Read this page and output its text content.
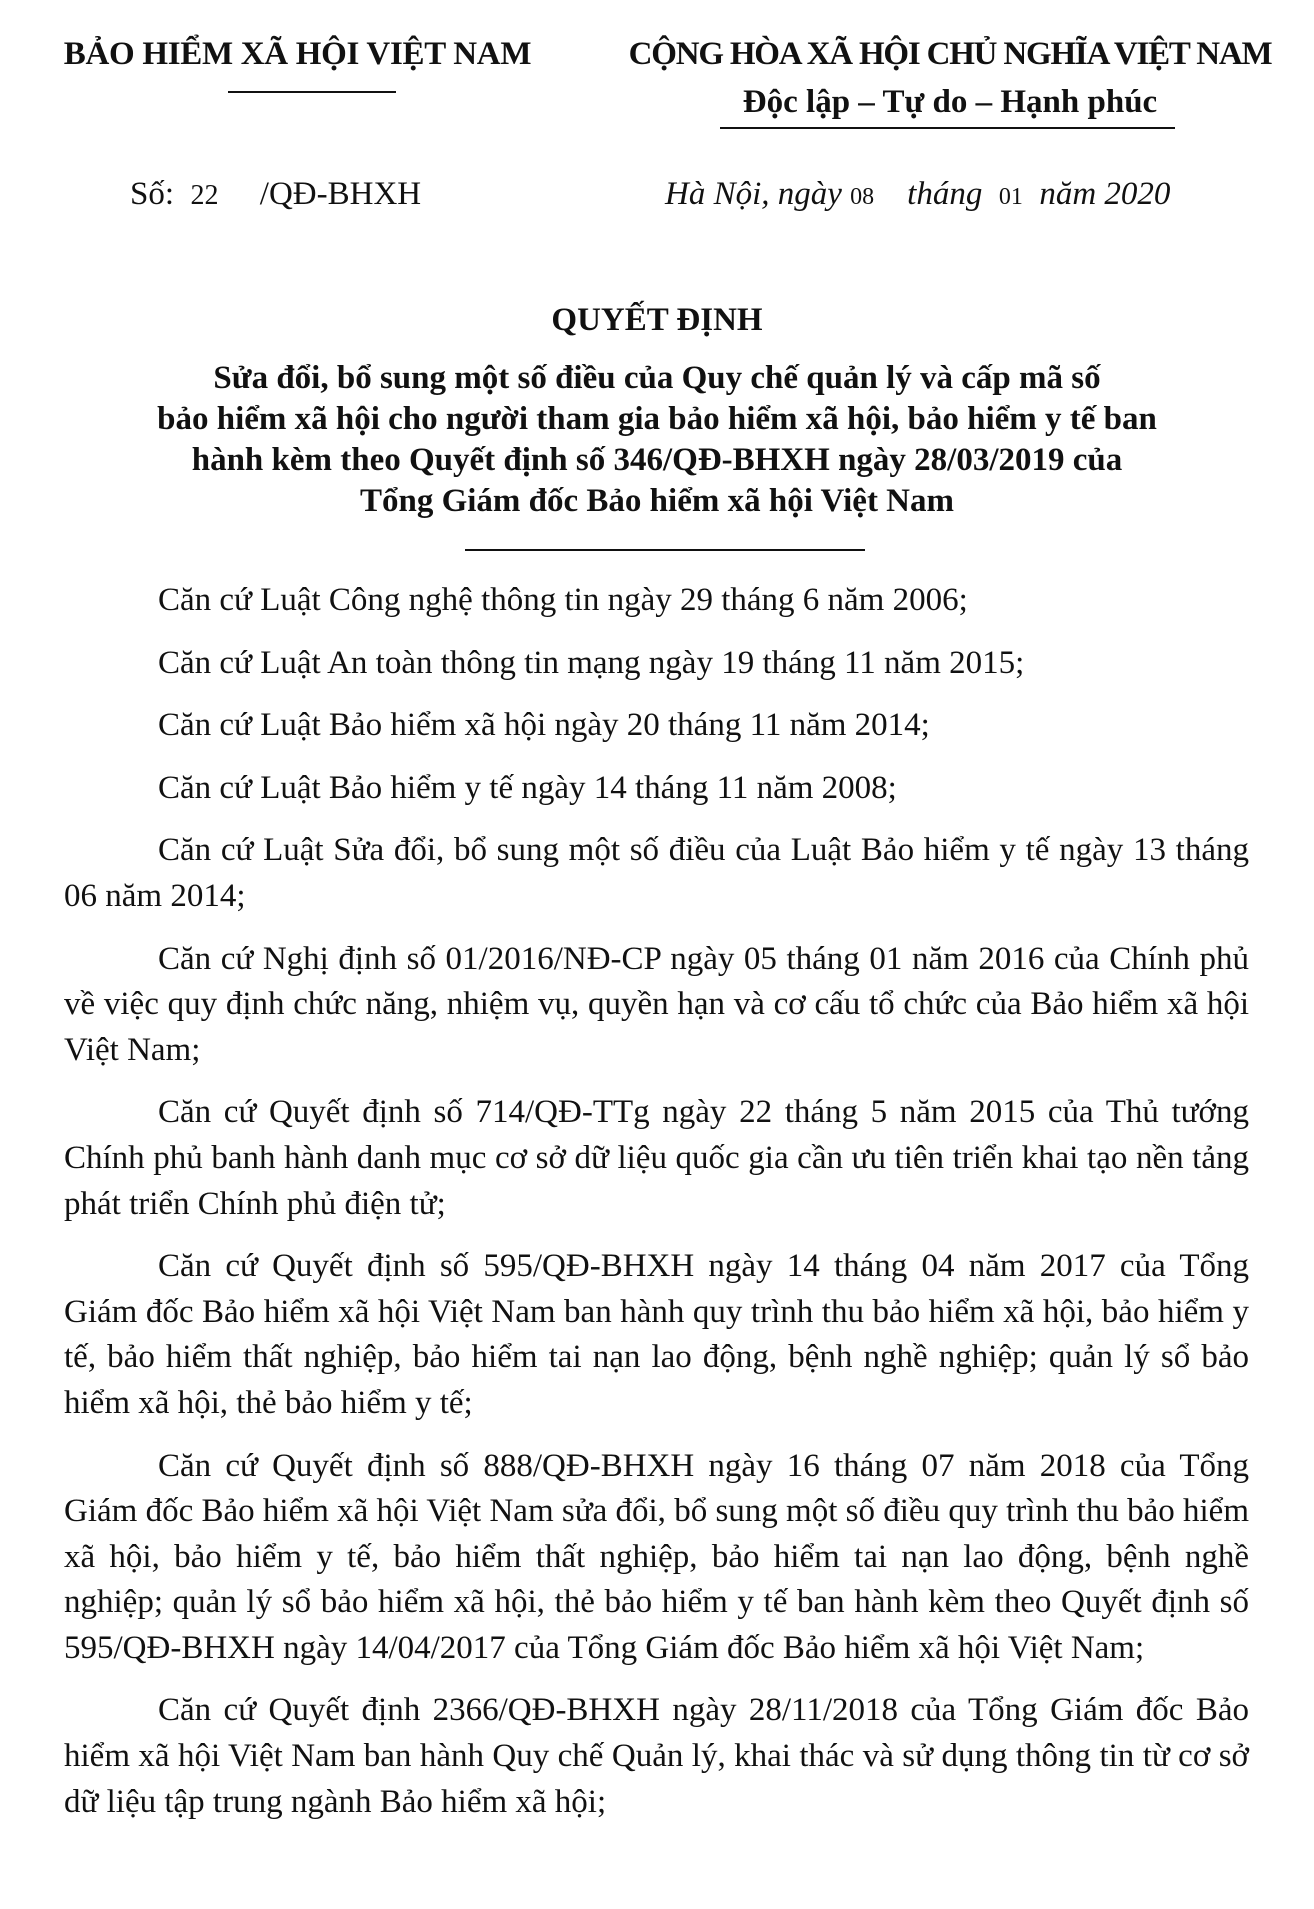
BẢO HIỂM XÃ HỘI VIỆT NAM	CỘNG HÒA XÃ HỘI CHỦ NGHĨA VIỆT NAM
Độc lập – Tự do – Hạnh phúc
Số: 22 /QĐ-BHXH	Hà Nội, ngày 08 tháng 01 năm 2020
QUYẾT ĐỊNH
Sửa đổi, bổ sung một số điều của Quy chế quản lý và cấp mã số
bảo hiểm xã hội cho người tham gia bảo hiểm xã hội, bảo hiểm y tế ban
hành kèm theo Quyết định số 346/QĐ-BHXH ngày 28/03/2019 của
Tổng Giám đốc Bảo hiểm xã hội Việt Nam

Căn cứ Luật Công nghệ thông tin ngày 29 tháng 6 năm 2006;

Căn cứ Luật An toàn thông tin mạng ngày 19 tháng 11 năm 2015;

Căn cứ Luật Bảo hiểm xã hội ngày 20 tháng 11 năm 2014;

Căn cứ Luật Bảo hiểm y tế ngày 14 tháng 11 năm 2008;

Căn cứ Luật Sửa đổi, bổ sung một số điều của Luật Bảo hiểm y tế ngày 13 tháng 06 năm 2014;

Căn cứ Nghị định số 01/2016/NĐ-CP ngày 05 tháng 01 năm 2016 của Chính phủ về việc quy định chức năng, nhiệm vụ, quyền hạn và cơ cấu tổ chức của Bảo hiểm xã hội Việt Nam;

Căn cứ Quyết định số 714/QĐ-TTg ngày 22 tháng 5 năm 2015 của Thủ tướng Chính phủ banh hành danh mục cơ sở dữ liệu quốc gia cần ưu tiên triển khai tạo nền tảng phát triển Chính phủ điện tử;

Căn cứ Quyết định số 595/QĐ-BHXH ngày 14 tháng 04 năm 2017 của Tổng Giám đốc Bảo hiểm xã hội Việt Nam ban hành quy trình thu bảo hiểm xã hội, bảo hiểm y tế, bảo hiểm thất nghiệp, bảo hiểm tai nạn lao động, bệnh nghề nghiệp; quản lý sổ bảo hiểm xã hội, thẻ bảo hiểm y tế;

Căn cứ Quyết định số 888/QĐ-BHXH ngày 16 tháng 07 năm 2018 của Tổng Giám đốc Bảo hiểm xã hội Việt Nam sửa đổi, bổ sung một số điều quy trình thu bảo hiểm xã hội, bảo hiểm y tế, bảo hiểm thất nghiệp, bảo hiểm tai nạn lao động, bệnh nghề nghiệp; quản lý sổ bảo hiểm xã hội, thẻ bảo hiểm y tế ban hành kèm theo Quyết định số 595/QĐ-BHXH ngày 14/04/2017 của Tổng Giám đốc Bảo hiểm xã hội Việt Nam;

Căn cứ Quyết định 2366/QĐ-BHXH ngày 28/11/2018 của Tổng Giám đốc Bảo hiểm xã hội Việt Nam ban hành Quy chế Quản lý, khai thác và sử dụng thông tin từ cơ sở dữ liệu tập trung ngành Bảo hiểm xã hội;
